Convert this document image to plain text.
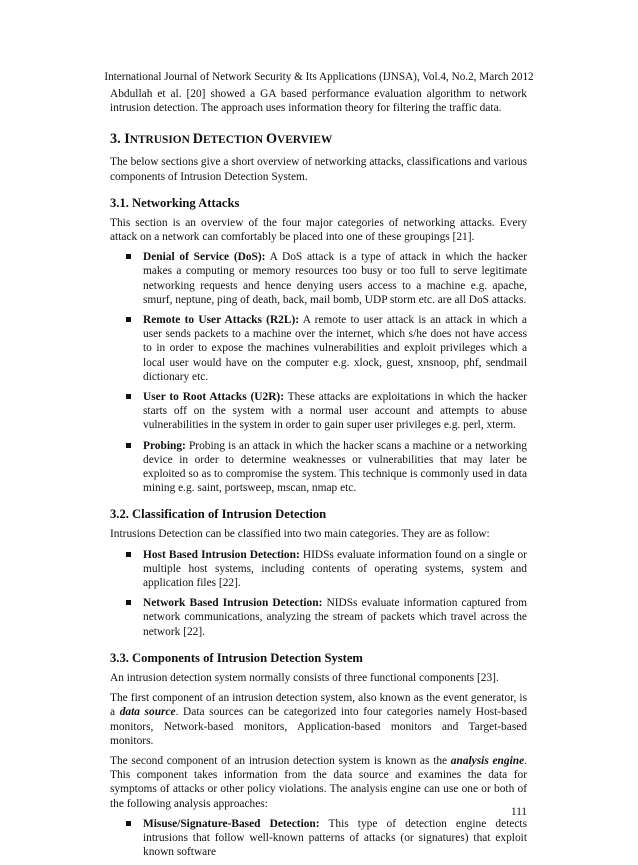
International Journal of Network Security & Its Applications (IJNSA), Vol.4, No.2, March 2012

Abdullah et al. [20] showed a GA based performance evaluation algorithm to network intrusion detection. The approach uses information theory for filtering the traffic data.

3. INTRUSION DETECTION OVERVIEW

The below sections give a short overview of networking attacks, classifications and various components of Intrusion Detection System.

3.1. Networking Attacks

This section is an overview of the four major categories of networking attacks. Every attack on a network can comfortably be placed into one of these groupings [21].

Denial of Service (DoS): A DoS attack is a type of attack in which the hacker makes a computing or memory resources too busy or too full to serve legitimate networking requests and hence denying users access to a machine e.g. apache, smurf, neptune, ping of death, back, mail bomb, UDP storm etc. are all DoS attacks.
Remote to User Attacks (R2L): A remote to user attack is an attack in which a user sends packets to a machine over the internet, which s/he does not have access to in order to expose the machines vulnerabilities and exploit privileges which a local user would have on the computer e.g. xlock, guest, xnsnoop, phf, sendmail dictionary etc.
User to Root Attacks (U2R): These attacks are exploitations in which the hacker starts off on the system with a normal user account and attempts to abuse vulnerabilities in the system in order to gain super user privileges e.g. perl, xterm.
Probing: Probing is an attack in which the hacker scans a machine or a networking device in order to determine weaknesses or vulnerabilities that may later be exploited so as to compromise the system. This technique is commonly used in data mining e.g. saint, portsweep, mscan, nmap etc.
3.2. Classification of Intrusion Detection

Intrusions Detection can be classified into two main categories. They are as follow:

Host Based Intrusion Detection: HIDSs evaluate information found on a single or multiple host systems, including contents of operating systems, system and application files [22].
Network Based Intrusion Detection: NIDSs evaluate information captured from network communications, analyzing the stream of packets which travel across the network [22].
3.3. Components of Intrusion Detection System

An intrusion detection system normally consists of three functional components [23].

The first component of an intrusion detection system, also known as the event generator, is a data source. Data sources can be categorized into four categories namely Host-based monitors, Network-based monitors, Application-based monitors and Target-based monitors.

The second component of an intrusion detection system is known as the analysis engine. This component takes information from the data source and examines the data for symptoms of attacks or other policy violations. The analysis engine can use one or both of the following analysis approaches:

Misuse/Signature-Based Detection: This type of detection engine detects intrusions that follow well-known patterns of attacks (or signatures) that exploit known software
111
